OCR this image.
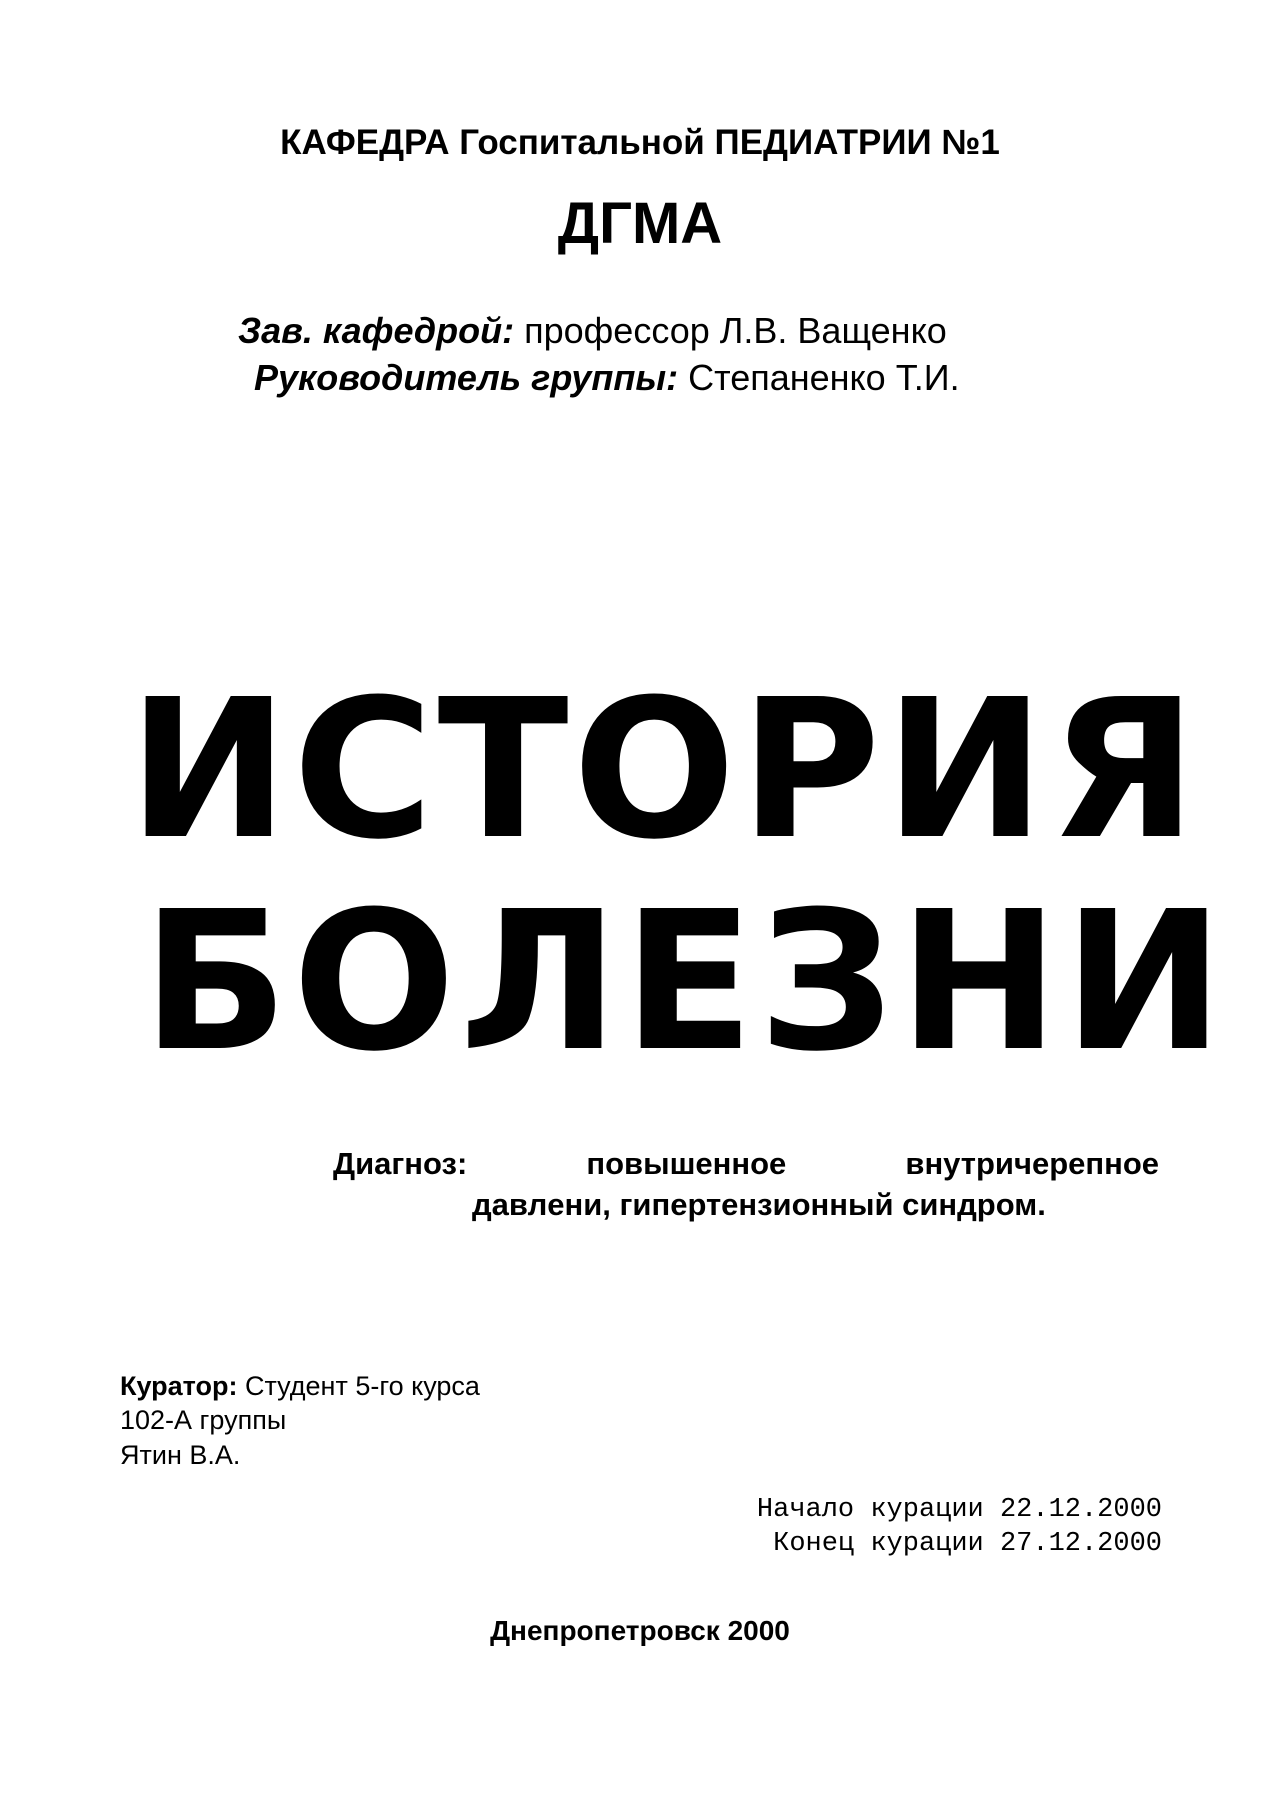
КАФЕДРА Госпитальной ПЕДИАТРИИ №1
ДГМА
Зав. кафедрой: профессор Л.В. Ващенко
Руководитель группы: Степаненко Т.И.
ИСТОРИЯ
БОЛЕЗНИ
Диагноз: повышенное внутричерепное
давлeни, гипертензионный синдром.
Куратор: Студент 5-го курса
102-А группы
Ятин В.А.
Начало курации 22.12.2000
Конец курации 27.12.2000
Днепропетровск 2000
